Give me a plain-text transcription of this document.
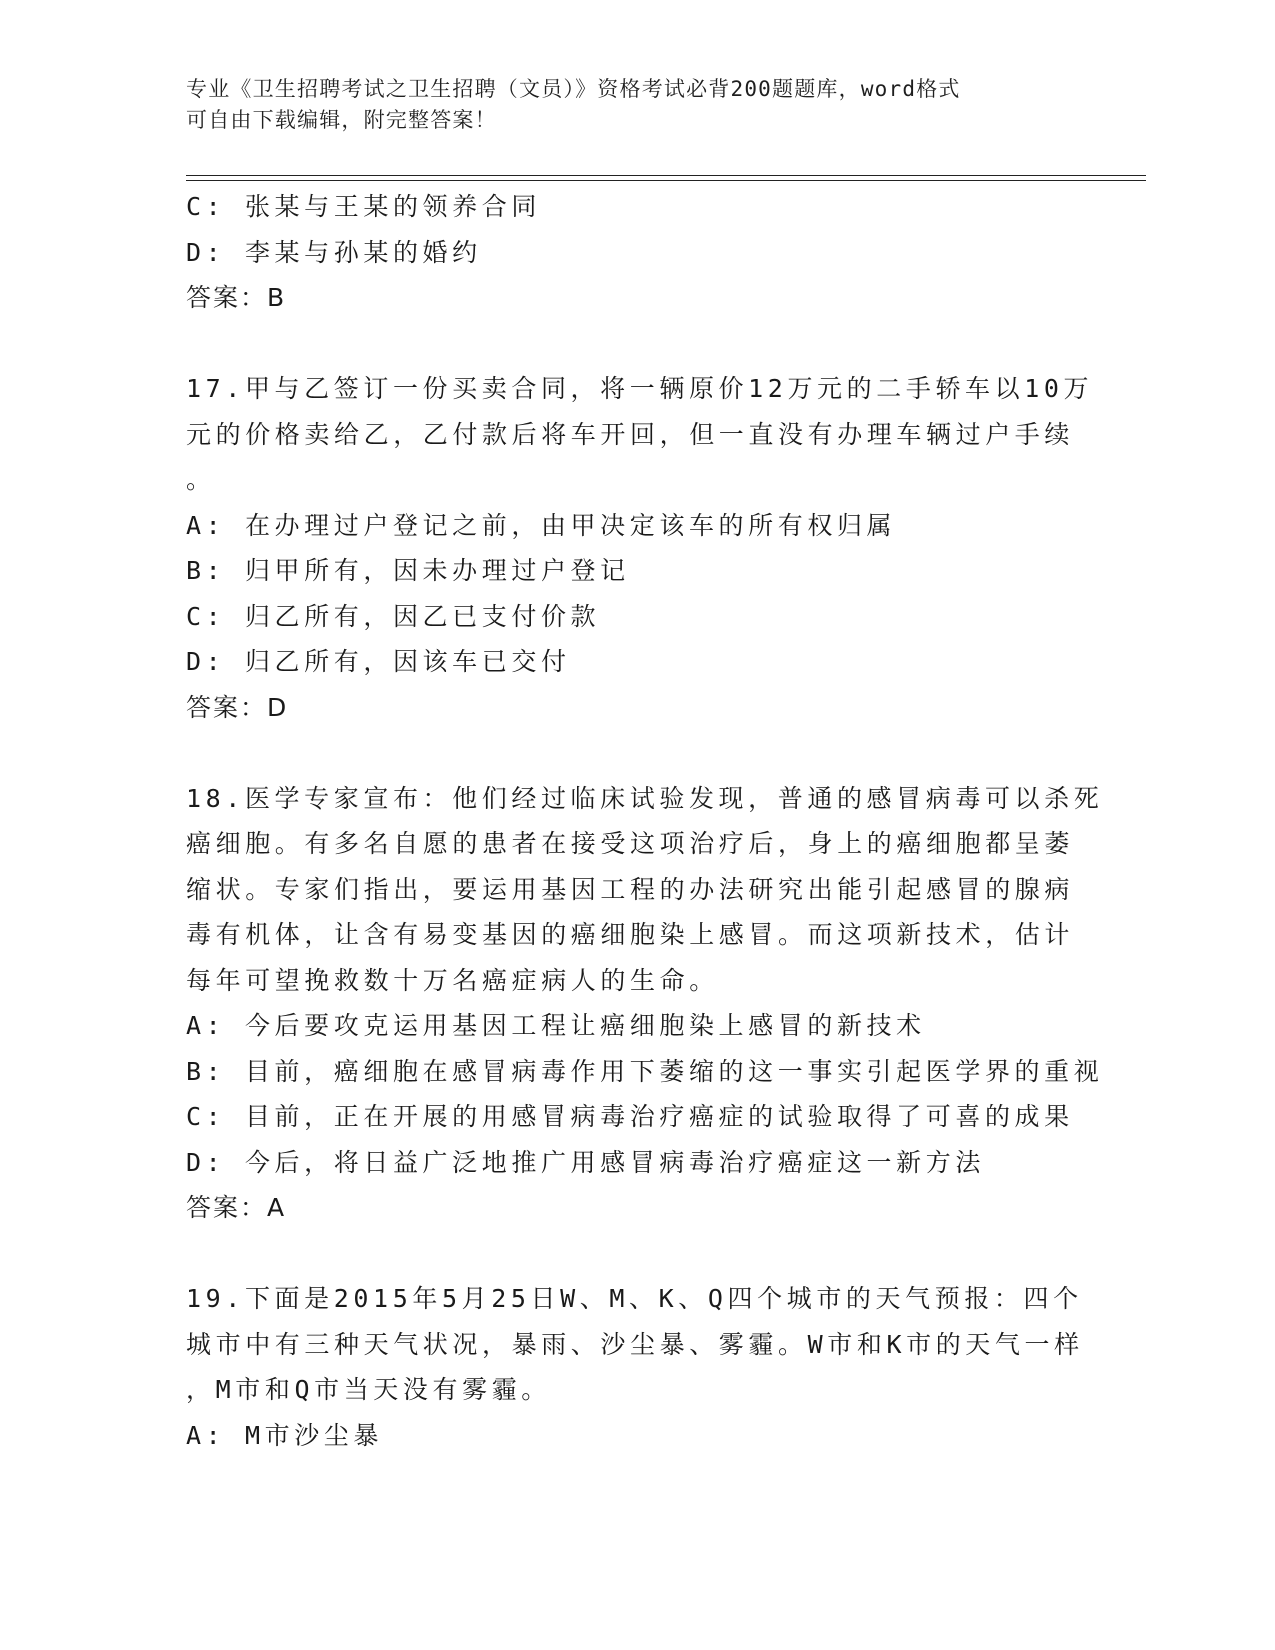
专业《卫生招聘考试之卫生招聘（文员）》资格考试必背200题题库，word格式
可自由下载编辑，附完整答案！
C: 张某与王某的领养合同
D: 李某与孙某的婚约
答案：B
17.甲与乙签订一份买卖合同，将一辆原价12万元的二手轿车以10万
元的价格卖给乙，乙付款后将车开回，但一直没有办理车辆过户手续
。
A: 在办理过户登记之前，由甲决定该车的所有权归属
B: 归甲所有，因未办理过户登记
C: 归乙所有，因乙已支付价款
D: 归乙所有，因该车已交付
答案：D
18.医学专家宣布：他们经过临床试验发现，普通的感冒病毒可以杀死
癌细胞。有多名自愿的患者在接受这项治疗后，身上的癌细胞都呈萎
缩状。专家们指出，要运用基因工程的办法研究出能引起感冒的腺病
毒有机体，让含有易变基因的癌细胞染上感冒。而这项新技术，估计
每年可望挽救数十万名癌症病人的生命。
A: 今后要攻克运用基因工程让癌细胞染上感冒的新技术
B: 目前，癌细胞在感冒病毒作用下萎缩的这一事实引起医学界的重视
C: 目前，正在开展的用感冒病毒治疗癌症的试验取得了可喜的成果
D: 今后，将日益广泛地推广用感冒病毒治疗癌症这一新方法
答案：A
19.下面是2015年5月25日W、M、K、Q四个城市的天气预报：四个
城市中有三种天气状况，暴雨、沙尘暴、雾霾。W市和K市的天气一样
，M市和Q市当天没有雾霾。
A: M市沙尘暴
